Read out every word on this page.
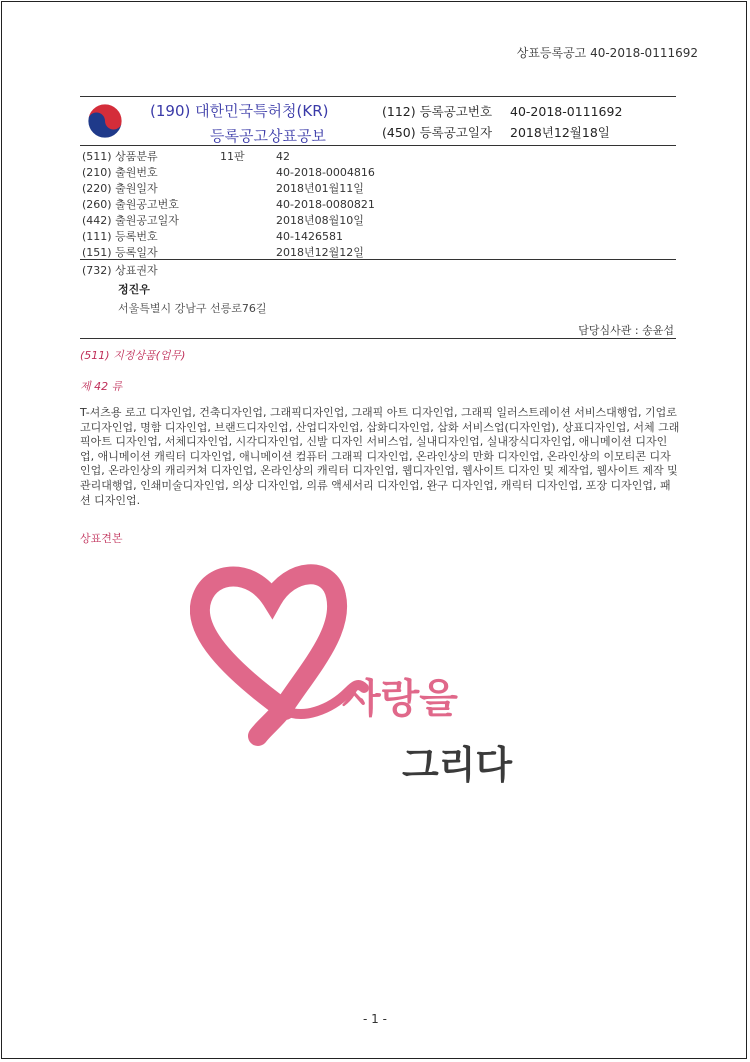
상표등록공고 40-2018-0111692
(190) 대한민국특허청(KR)
등록공고상표공보
(112) 등록공고번호 40-2018-0111692
(450) 등록공고일자 2018년12월18일
(511) 상품분류	11판	42
(210) 출원번호	40-2018-0004816
(220) 출원일자	2018년01월11일
(260) 출원공고번호	40-2018-0080821
(442) 출원공고일자	2018년08월10일
(111) 등록번호	40-1426581
(151) 등록일자	2018년12월12일
(732) 상표권자
정진우
서울특별시 강남구 선릉로76길
담당심사관 : 송윤섭
(511) 지정상품(업무)
제 42 류
T-셔츠용 로고 디자인업, 건축디자인업, 그래픽디자인업, 그래픽 아트 디자인업, 그래픽 일러스트레이션 서비스대행업, 기업로고디자인업, 명함 디자인업, 브랜드디자인업, 산업디자인업, 삽화디자인업, 삽화 서비스업(디자인업), 상표디자인업, 서체 그래픽아트 디자인업, 서체디자인업, 시각디자인업, 신발 디자인 서비스업, 실내디자인업, 실내장식디자인업, 애니메이션 디자인업, 애니메이션 캐릭터 디자인업, 애니메이션 컴퓨터 그래픽 디자인업, 온라인상의 만화 디자인업, 온라인상의 이모티콘 디자인업, 온라인상의 캐리커쳐 디자인업, 온라인상의 캐릭터 디자인업, 웹디자인업, 웹사이트 디자인 및 제작업, 웹사이트 제작 및 관리대행업, 인쇄미술디자인업, 의상 디자인업, 의류 액세서리 디자인업, 완구 디자인업, 캐릭터 디자인업, 포장 디자인업, 패션 디자인업.
상표견본
사랑을
그리다
- 1 -
